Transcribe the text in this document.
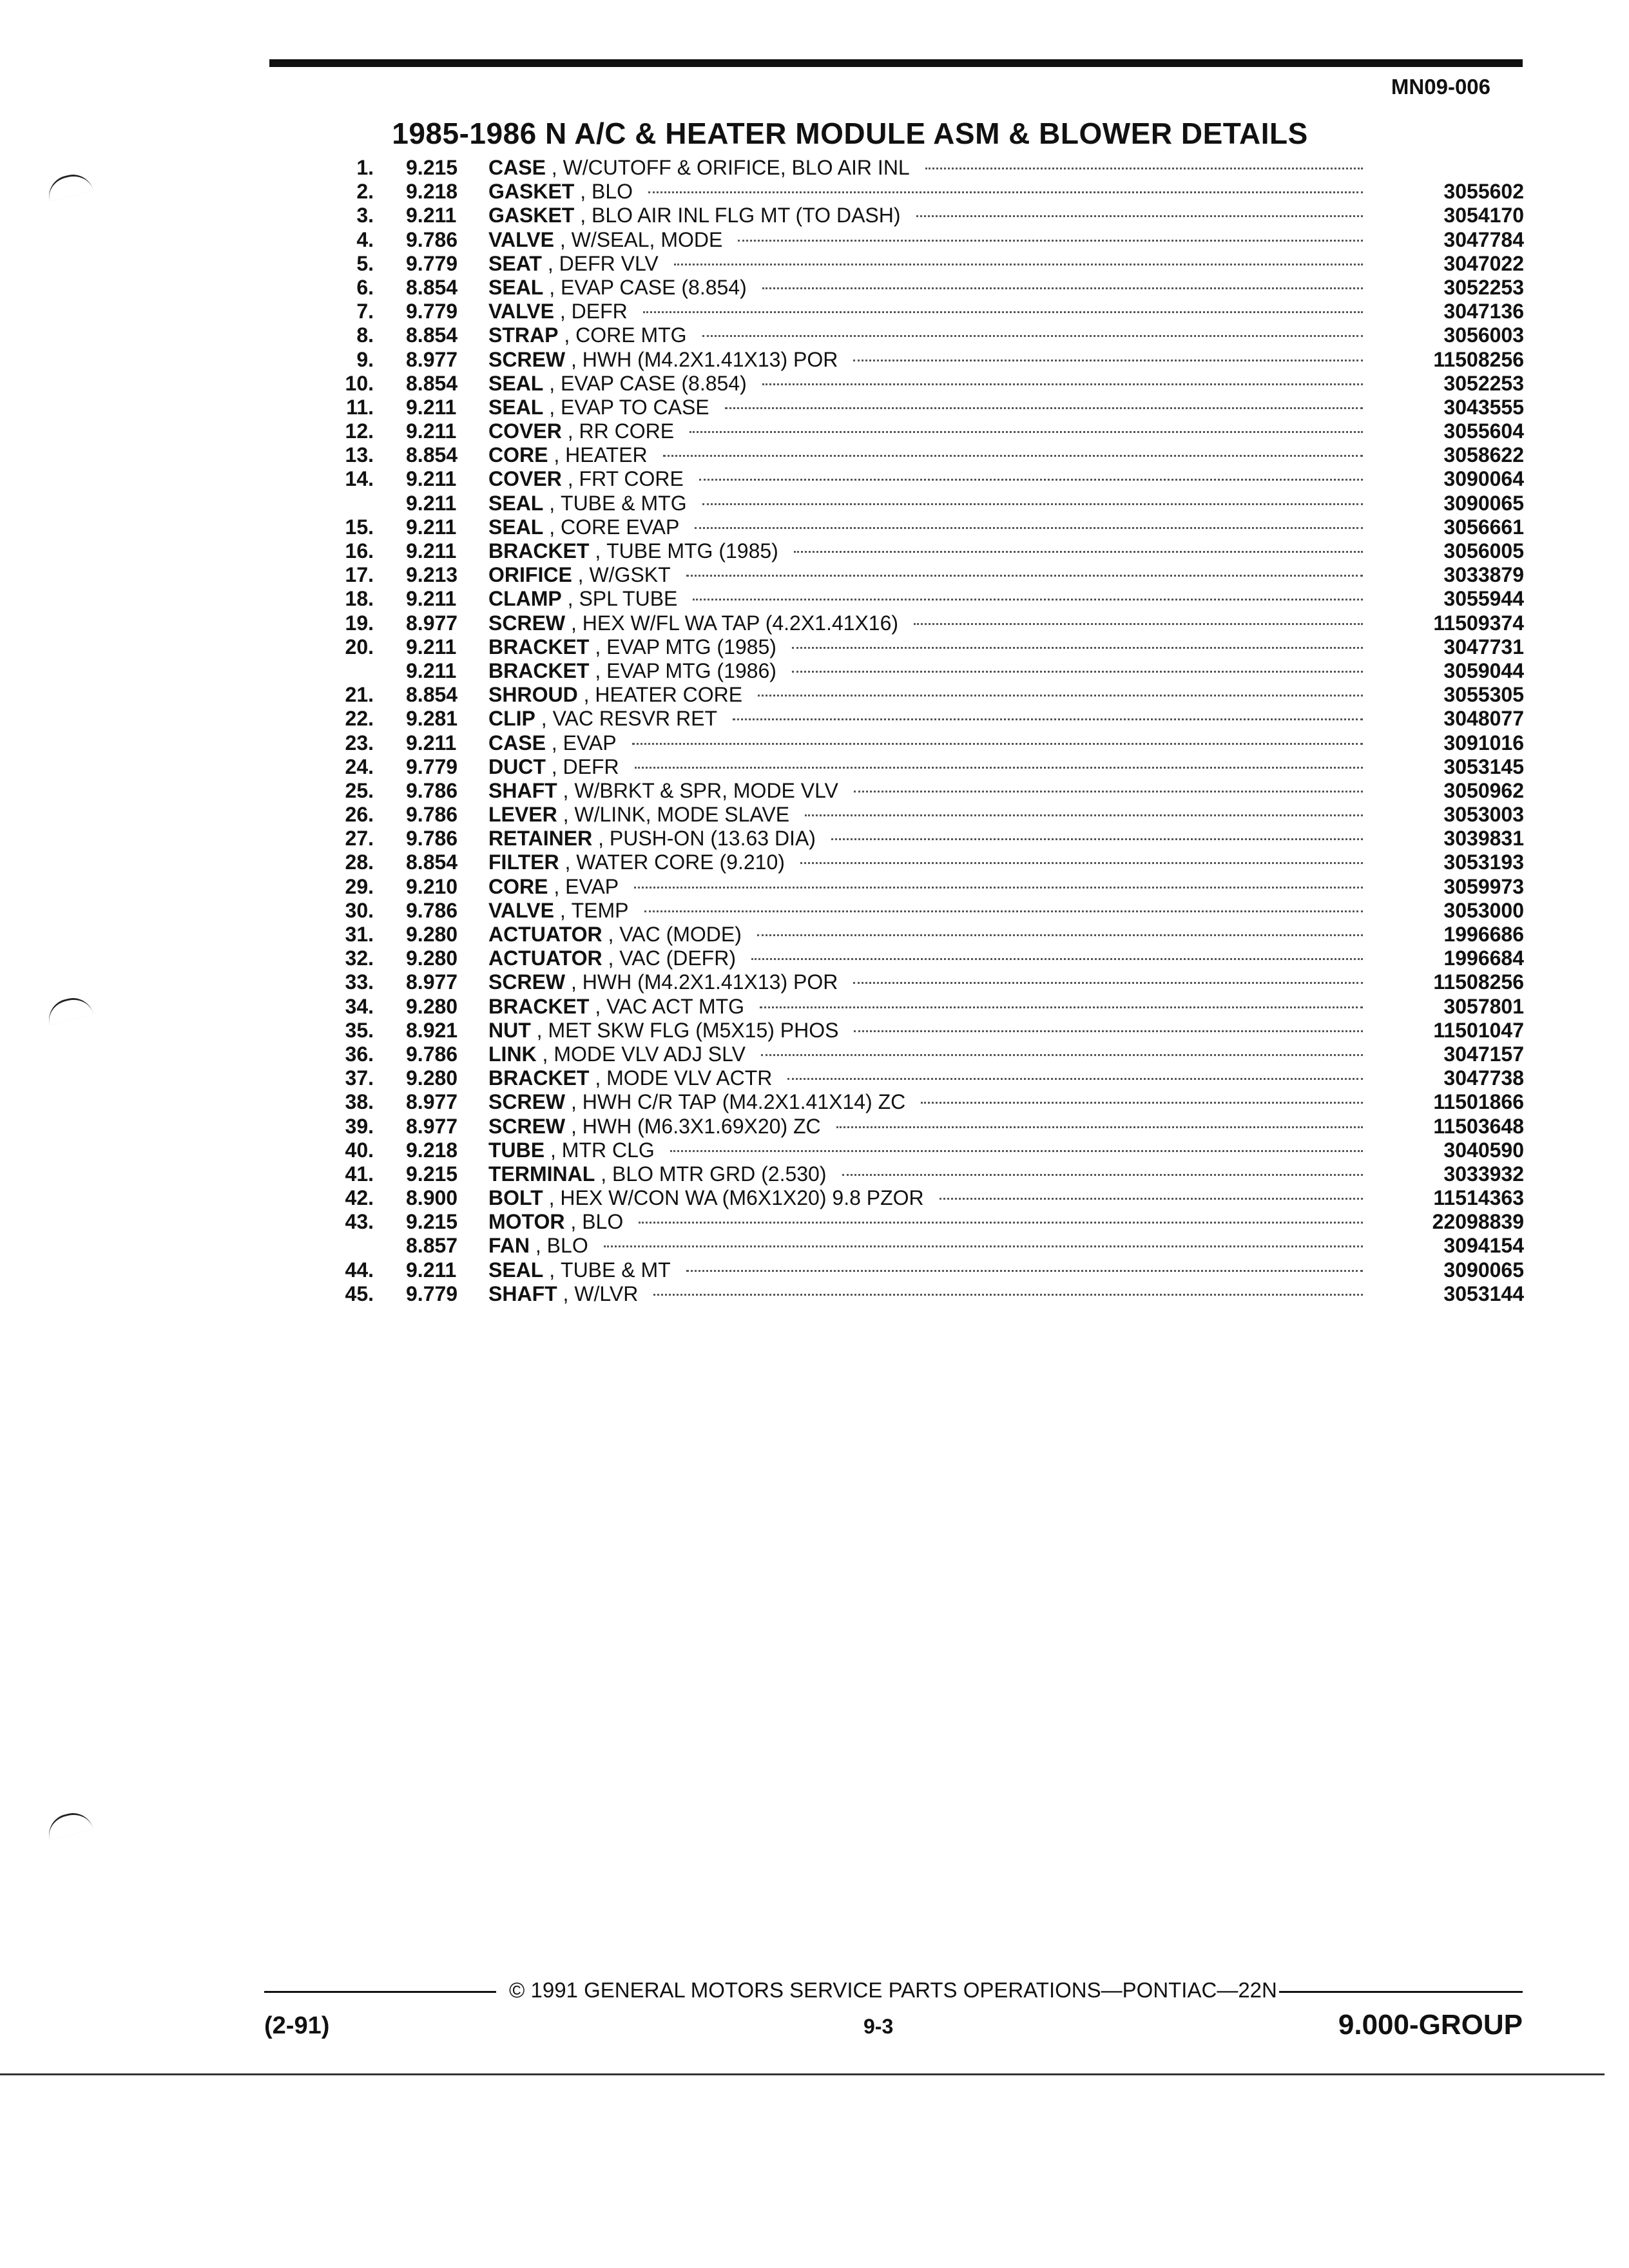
MN09-006
1985-1986 N A/C & HEATER MODULE ASM & BLOWER DETAILS
1. 9.215	CASE , W/CUTOFF & ORIFICE, BLO AIR INL
2. 9.218	GASKET , BLO	3055602
3. 9.211	GASKET , BLO AIR INL FLG MT (TO DASH)	3054170
4. 9.786	VALVE , W/SEAL, MODE	3047784
5. 9.779	SEAT , DEFR VLV	3047022
6. 8.854	SEAL , EVAP CASE (8.854)	3052253
7. 9.779	VALVE , DEFR	3047136
8. 8.854	STRAP , CORE MTG	3056003
9. 8.977	SCREW , HWH (M4.2X1.41X13) POR	11508256
10. 8.854	SEAL , EVAP CASE (8.854)	3052253
11. 9.211	SEAL , EVAP TO CASE	3043555
12. 9.211	COVER , RR CORE	3055604
13. 8.854	CORE , HEATER	3058622
14. 9.211	COVER , FRT CORE	3090064
9.211	SEAL , TUBE & MTG	3090065
15. 9.211	SEAL , CORE EVAP	3056661
16. 9.211	BRACKET , TUBE MTG (1985)	3056005
17. 9.213	ORIFICE , W/GSKT	3033879
18. 9.211	CLAMP , SPL TUBE	3055944
19. 8.977	SCREW , HEX W/FL WA TAP (4.2X1.41X16)	11509374
20. 9.211	BRACKET , EVAP MTG (1985)	3047731
9.211	BRACKET , EVAP MTG (1986)	3059044
21. 8.854	SHROUD , HEATER CORE	3055305
22. 9.281	CLIP , VAC RESVR RET	3048077
23. 9.211	CASE , EVAP	3091016
24. 9.779	DUCT , DEFR	3053145
25. 9.786	SHAFT , W/BRKT & SPR, MODE VLV	3050962
26. 9.786	LEVER , W/LINK, MODE SLAVE	3053003
27. 9.786	RETAINER , PUSH-ON (13.63 DIA)	3039831
28. 8.854	FILTER , WATER CORE (9.210)	3053193
29. 9.210	CORE , EVAP	3059973
30. 9.786	VALVE , TEMP	3053000
31. 9.280	ACTUATOR , VAC (MODE)	1996686
32. 9.280	ACTUATOR , VAC (DEFR)	1996684
33. 8.977	SCREW , HWH (M4.2X1.41X13) POR	11508256
34. 9.280	BRACKET , VAC ACT MTG	3057801
35. 8.921	NUT , MET SKW FLG (M5X15) PHOS	11501047
36. 9.786	LINK , MODE VLV ADJ SLV	3047157
37. 9.280	BRACKET , MODE VLV ACTR	3047738
38. 8.977	SCREW , HWH C/R TAP (M4.2X1.41X14) ZC	11501866
39. 8.977	SCREW , HWH (M6.3X1.69X20) ZC	11503648
40. 9.218	TUBE , MTR CLG	3040590
41. 9.215	TERMINAL , BLO MTR GRD (2.530)	3033932
42. 8.900	BOLT , HEX W/CON WA (M6X1X20) 9.8 PZOR	11514363
43. 9.215	MOTOR , BLO	22098839
8.857	FAN , BLO	3094154
44. 9.211	SEAL , TUBE & MT	3090065
45. 9.779	SHAFT , W/LVR	3053144
© 1991 GENERAL MOTORS SERVICE PARTS OPERATIONS—PONTIAC—22N
(2-91)	9-3	9.000-GROUP
